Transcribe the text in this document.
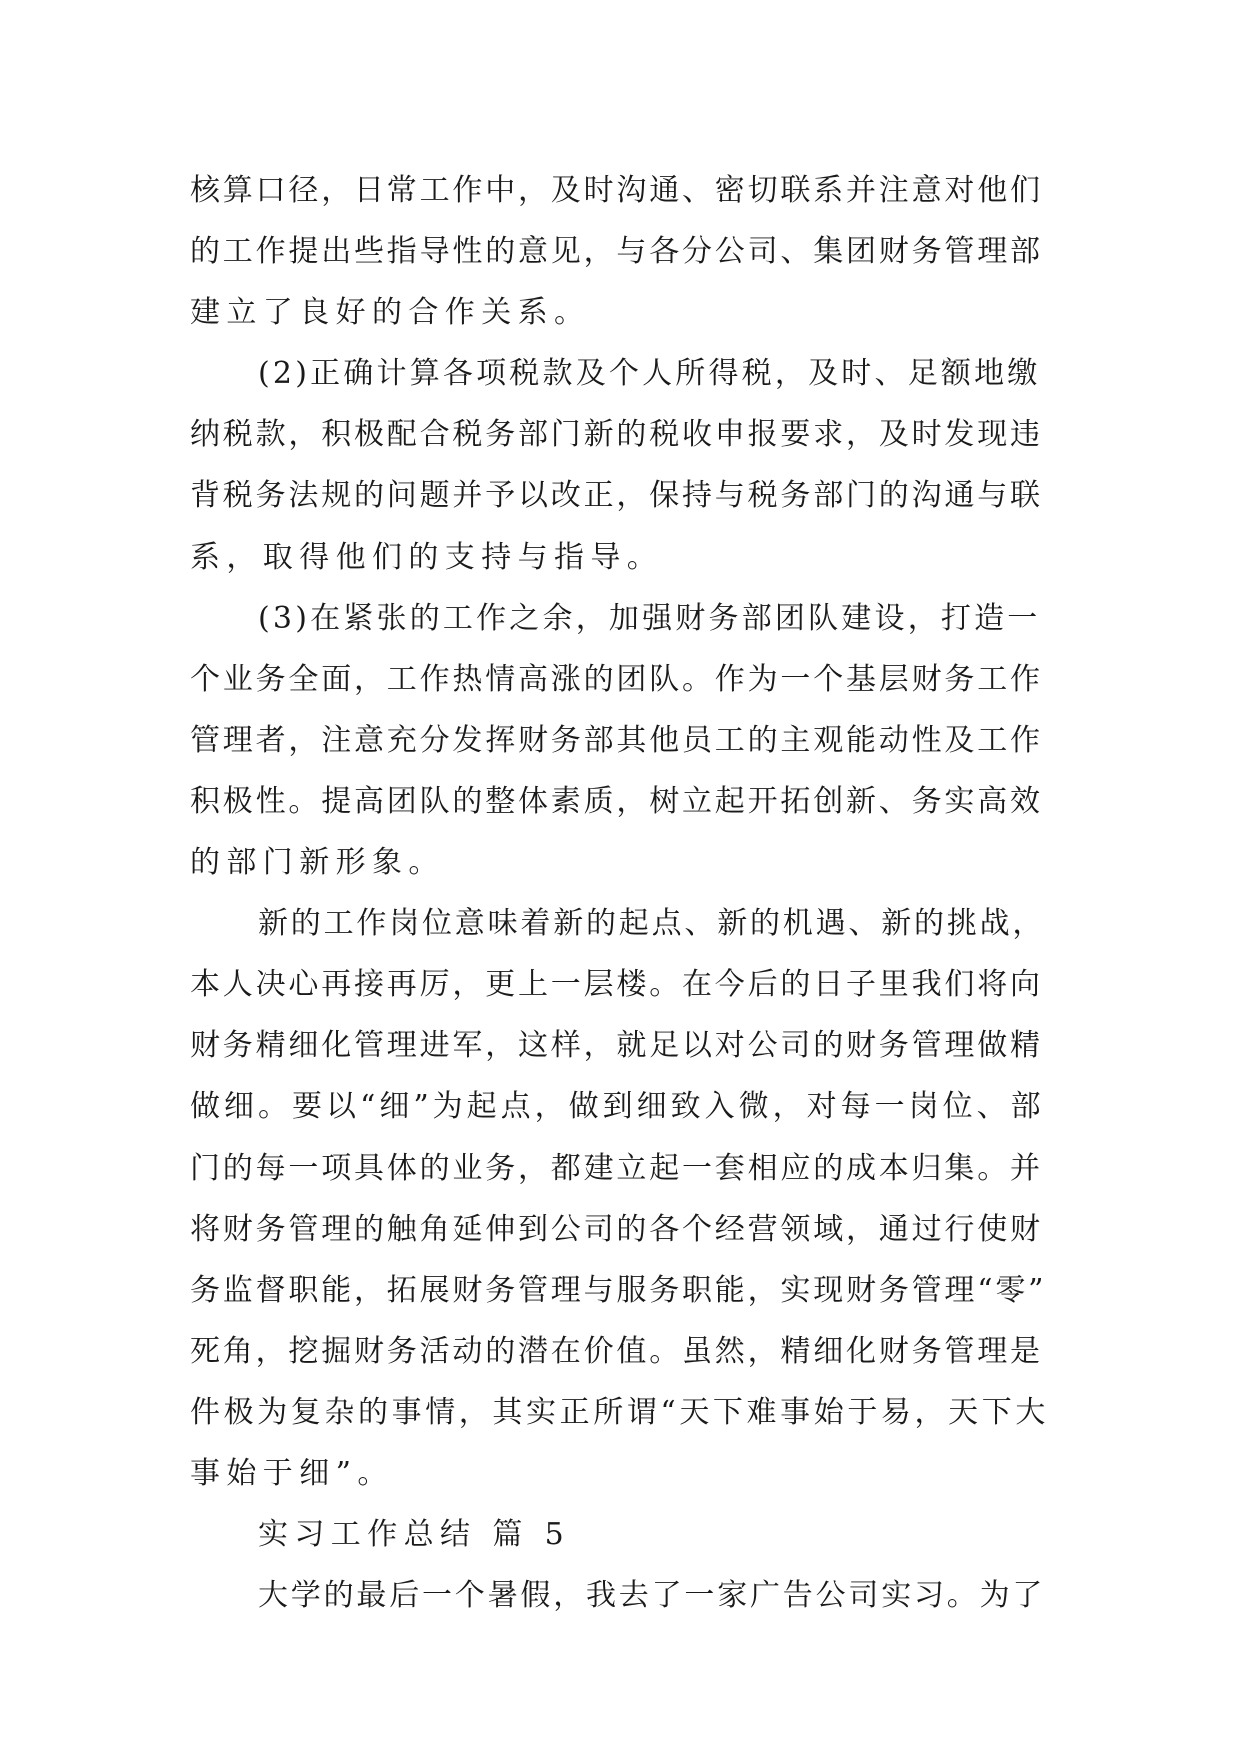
核算口径，日常工作中，及时沟通、密切联系并注意对他们
的工作提出些指导性的意见，与各分公司、集团财务管理部
建立了良好的合作关系。
(2)正确计算各项税款及个人所得税，及时、足额地缴
纳税款，积极配合税务部门新的税收申报要求，及时发现违
背税务法规的问题并予以改正，保持与税务部门的沟通与联
系，取得他们的支持与指导。
(3)在紧张的工作之余，加强财务部团队建设，打造一
个业务全面，工作热情高涨的团队。作为一个基层财务工作
管理者，注意充分发挥财务部其他员工的主观能动性及工作
积极性。提高团队的整体素质，树立起开拓创新、务实高效
的部门新形象。
新的工作岗位意味着新的起点、新的机遇、新的挑战，
本人决心再接再厉，更上一层楼。在今后的日子里我们将向
财务精细化管理进军，这样，就足以对公司的财务管理做精
做细。要以“细”为起点，做到细致入微，对每一岗位、部
门的每一项具体的业务，都建立起一套相应的成本归集。并
将财务管理的触角延伸到公司的各个经营领域，通过行使财
务监督职能，拓展财务管理与服务职能，实现财务管理“零”
死角，挖掘财务活动的潜在价值。虽然，精细化财务管理是
件极为复杂的事情，其实正所谓“天下难事始于易，天下大
事始于细”。
实习工作总结 篇 5
大学的最后一个暑假，我去了一家广告公司实习。为了
